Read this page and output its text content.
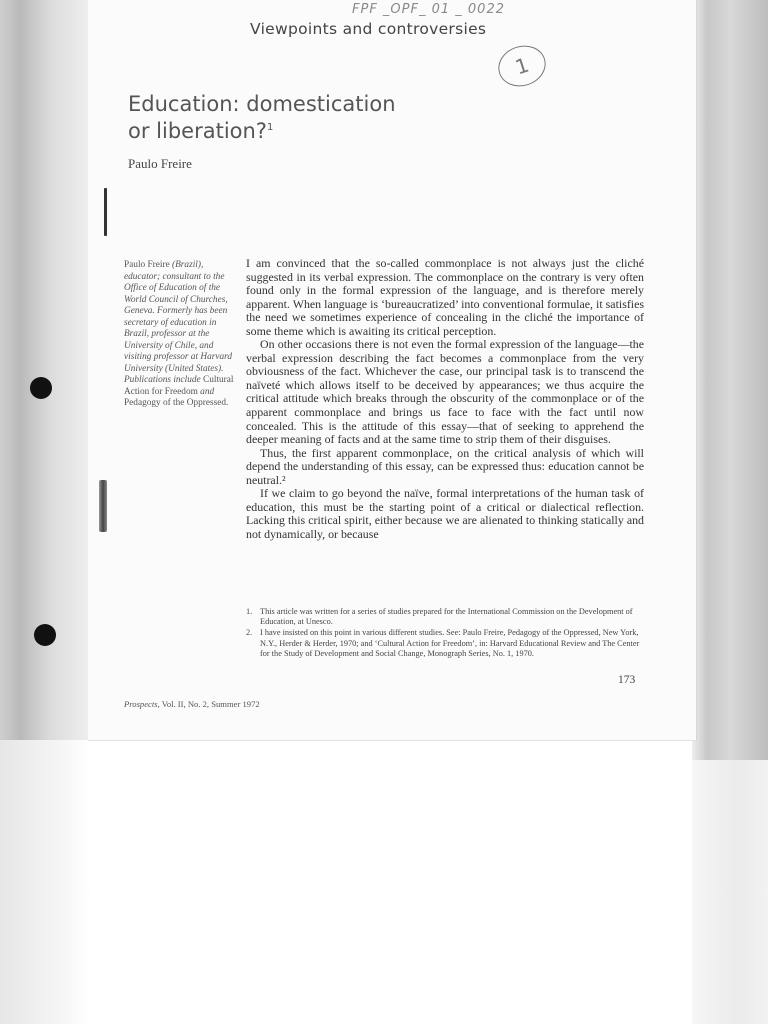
FPF _OPF_ 01 _ 0022
1
Viewpoints and controversies
Education: domestication
or liberation?$^1$
Paulo Freire
Paulo Freire (Brazil), educator; consultant to the Office of Education of the World Council of Churches, Geneva. Formerly has been secretary of education in Brazil, professor at the University of Chile, and visiting professor at Harvard University (United States). Publications include Cultural Action for Freedom and Pedagogy of the Oppressed.

I am convinced that the so-called commonplace is not always just the cliché suggested in its verbal expression. The commonplace on the contrary is very often found only in the formal expression of the language, and is therefore merely apparent. When language is ‘bureaucratized’ into conventional formulae, it satisfies the need we sometimes experience of concealing in the cliché the importance of some theme which is awaiting its critical perception.

On other occasions there is not even the formal expression of the language—the verbal expression describing the fact becomes a commonplace from the very obviousness of the fact. Whichever the case, our principal task is to transcend the naïveté which allows itself to be deceived by appearances; we thus acquire the critical attitude which breaks through the obscurity of the commonplace or of the apparent commonplace and brings us face to face with the fact until now concealed. This is the attitude of this essay—that of seeking to apprehend the deeper meaning of facts and at the same time to strip them of their disguises.

Thus, the first apparent commonplace, on the critical analysis of which will depend the understanding of this essay, can be expressed thus: education cannot be neutral.²

If we claim to go beyond the naïve, formal interpretations of the human task of education, this must be the starting point of a critical or dialectical reflection. Lacking this critical spirit, either because we are alienated to thinking statically and not dynamically, or because

1. This article was written for a series of studies prepared for the International Commission on the Development of Education, at Unesco.
2. I have insisted on this point in various different studies. See: Paulo Freire, Pedagogy of the Oppressed, New York, N.Y., Herder & Herder, 1970; and ‘Cultural Action for Freedom’, in: Harvard Educational Review and The Center for the Study of Development and Social Change, Monograph Series, No. 1, 1970.
173
Prospects, Vol. II, No. 2, Summer 1972
